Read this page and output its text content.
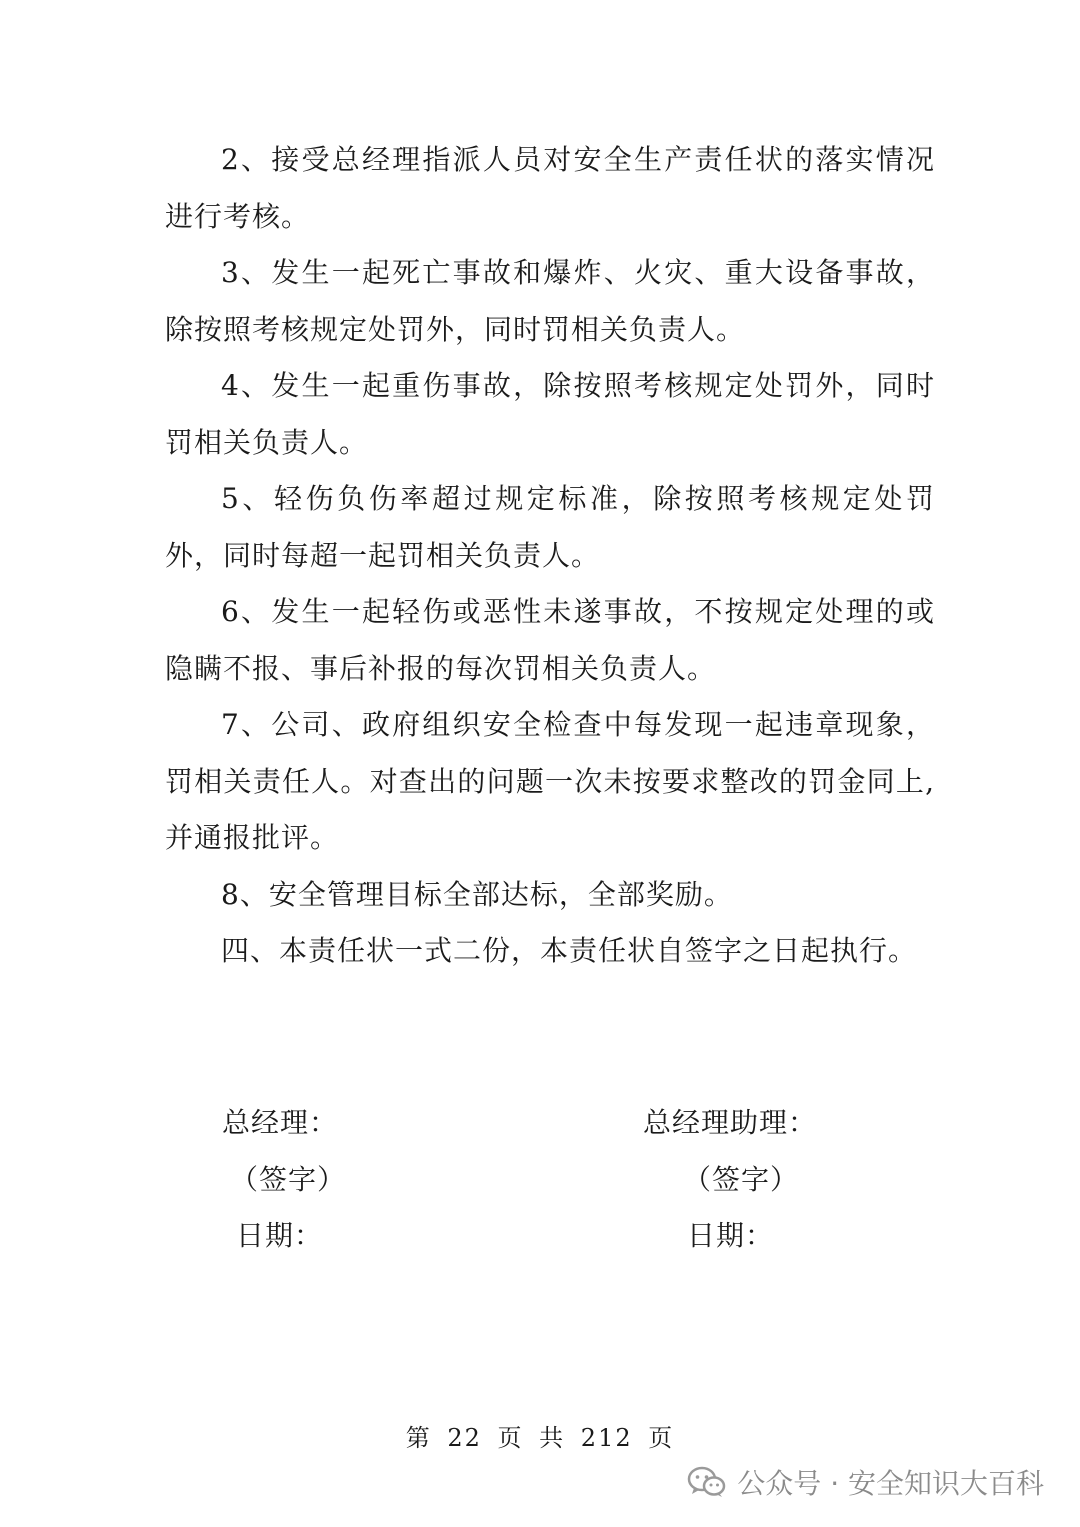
2、接受总经理指派人员对安全生产责任状的落实情况进行考核。

3、发生一起死亡事故和爆炸、火灾、重大设备事故，除按照考核规定处罚外，同时罚相关负责人。

4、发生一起重伤事故，除按照考核规定处罚外，同时罚相关负责人。

5、轻伤负伤率超过规定标准，除按照考核规定处罚外，同时每超一起罚相关负责人。

6、发生一起轻伤或恶性未遂事故，不按规定处理的或隐瞒不报、事后补报的每次罚相关负责人。

7、公司、政府组织安全检查中每发现一起违章现象，罚相关责任人。对查出的问题一次未按要求整改的罚金同上,并通报批评。

8、安全管理目标全部达标，全部奖励。

四、本责任状一式二份，本责任状自签字之日起执行。

总经理：
（签字）
日期：
总经理助理：
（签字）
日期：
第 22 页 共 212 页
公众号 · 安全知识大百科
